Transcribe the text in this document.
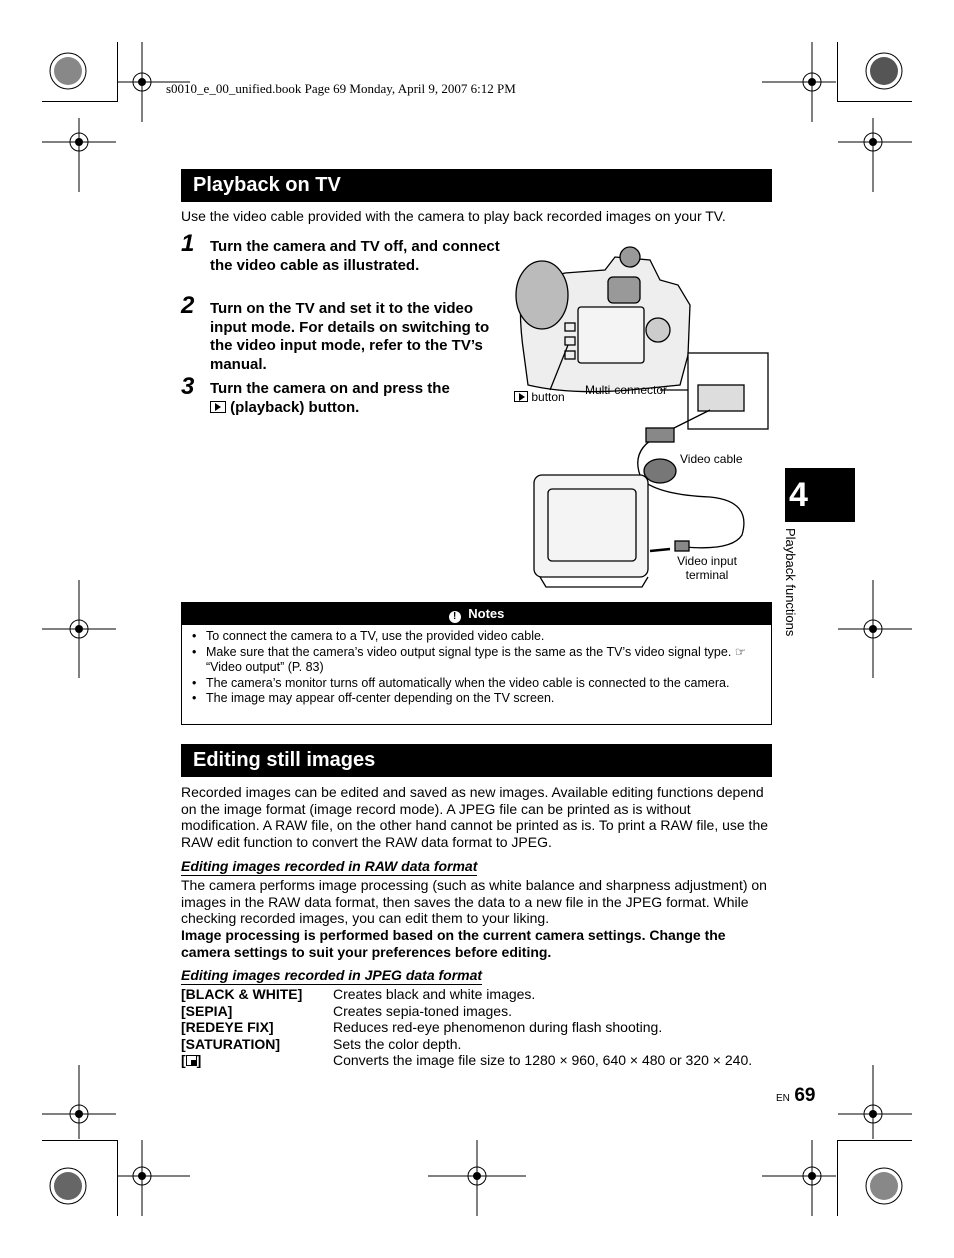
s0010_e_00_unified.book Page 69 Monday, April 9, 2007 6:12 PM
Playback on TV
Use the video cable provided with the camera to play back recorded images on your TV.
1 Turn the camera and TV off, and connect the video cable as illustrated.
2 Turn on the TV and set it to the video input mode. For details on switching to the video input mode, refer to the TV’s manual.
3 Turn the camera on and press the
(playback) button.
button Multi-connector
Video cable
Video input
terminal
! Notes
• To connect the camera to a TV, use the provided video cable.
• Make sure that the camera’s video output signal type is the same as the TV’s video signal type. ☞ “Video output” (P. 83)
• The camera’s monitor turns off automatically when the video cable is connected to the camera.
• The image may appear off-center depending on the TV screen.
Editing still images
Recorded images can be edited and saved as new images. Available editing functions depend on the image format (image record mode). A JPEG file can be printed as is without modification. A RAW file, on the other hand cannot be printed as is. To print a RAW file, use the RAW edit function to convert the RAW data format to JPEG.
Editing images recorded in RAW data format
The camera performs image processing (such as white balance and sharpness adjustment) on images in the RAW data format, then saves the data to a new file in the JPEG format. While checking recorded images, you can edit them to your liking.
Image processing is performed based on the current camera settings. Change the camera settings to suit your preferences before editing.
Editing images recorded in JPEG data format
[BLACK & WHITE]	Creates black and white images.
[SEPIA]	Creates sepia-toned images.
[REDEYE FIX]	Reduces red-eye phenomenon during flash shooting.
[SATURATION]	Sets the color depth.
[ ]	Converts the image file size to 1280 × 960, 640 × 480 or 320 × 240.
4
Playback functions
EN 69
